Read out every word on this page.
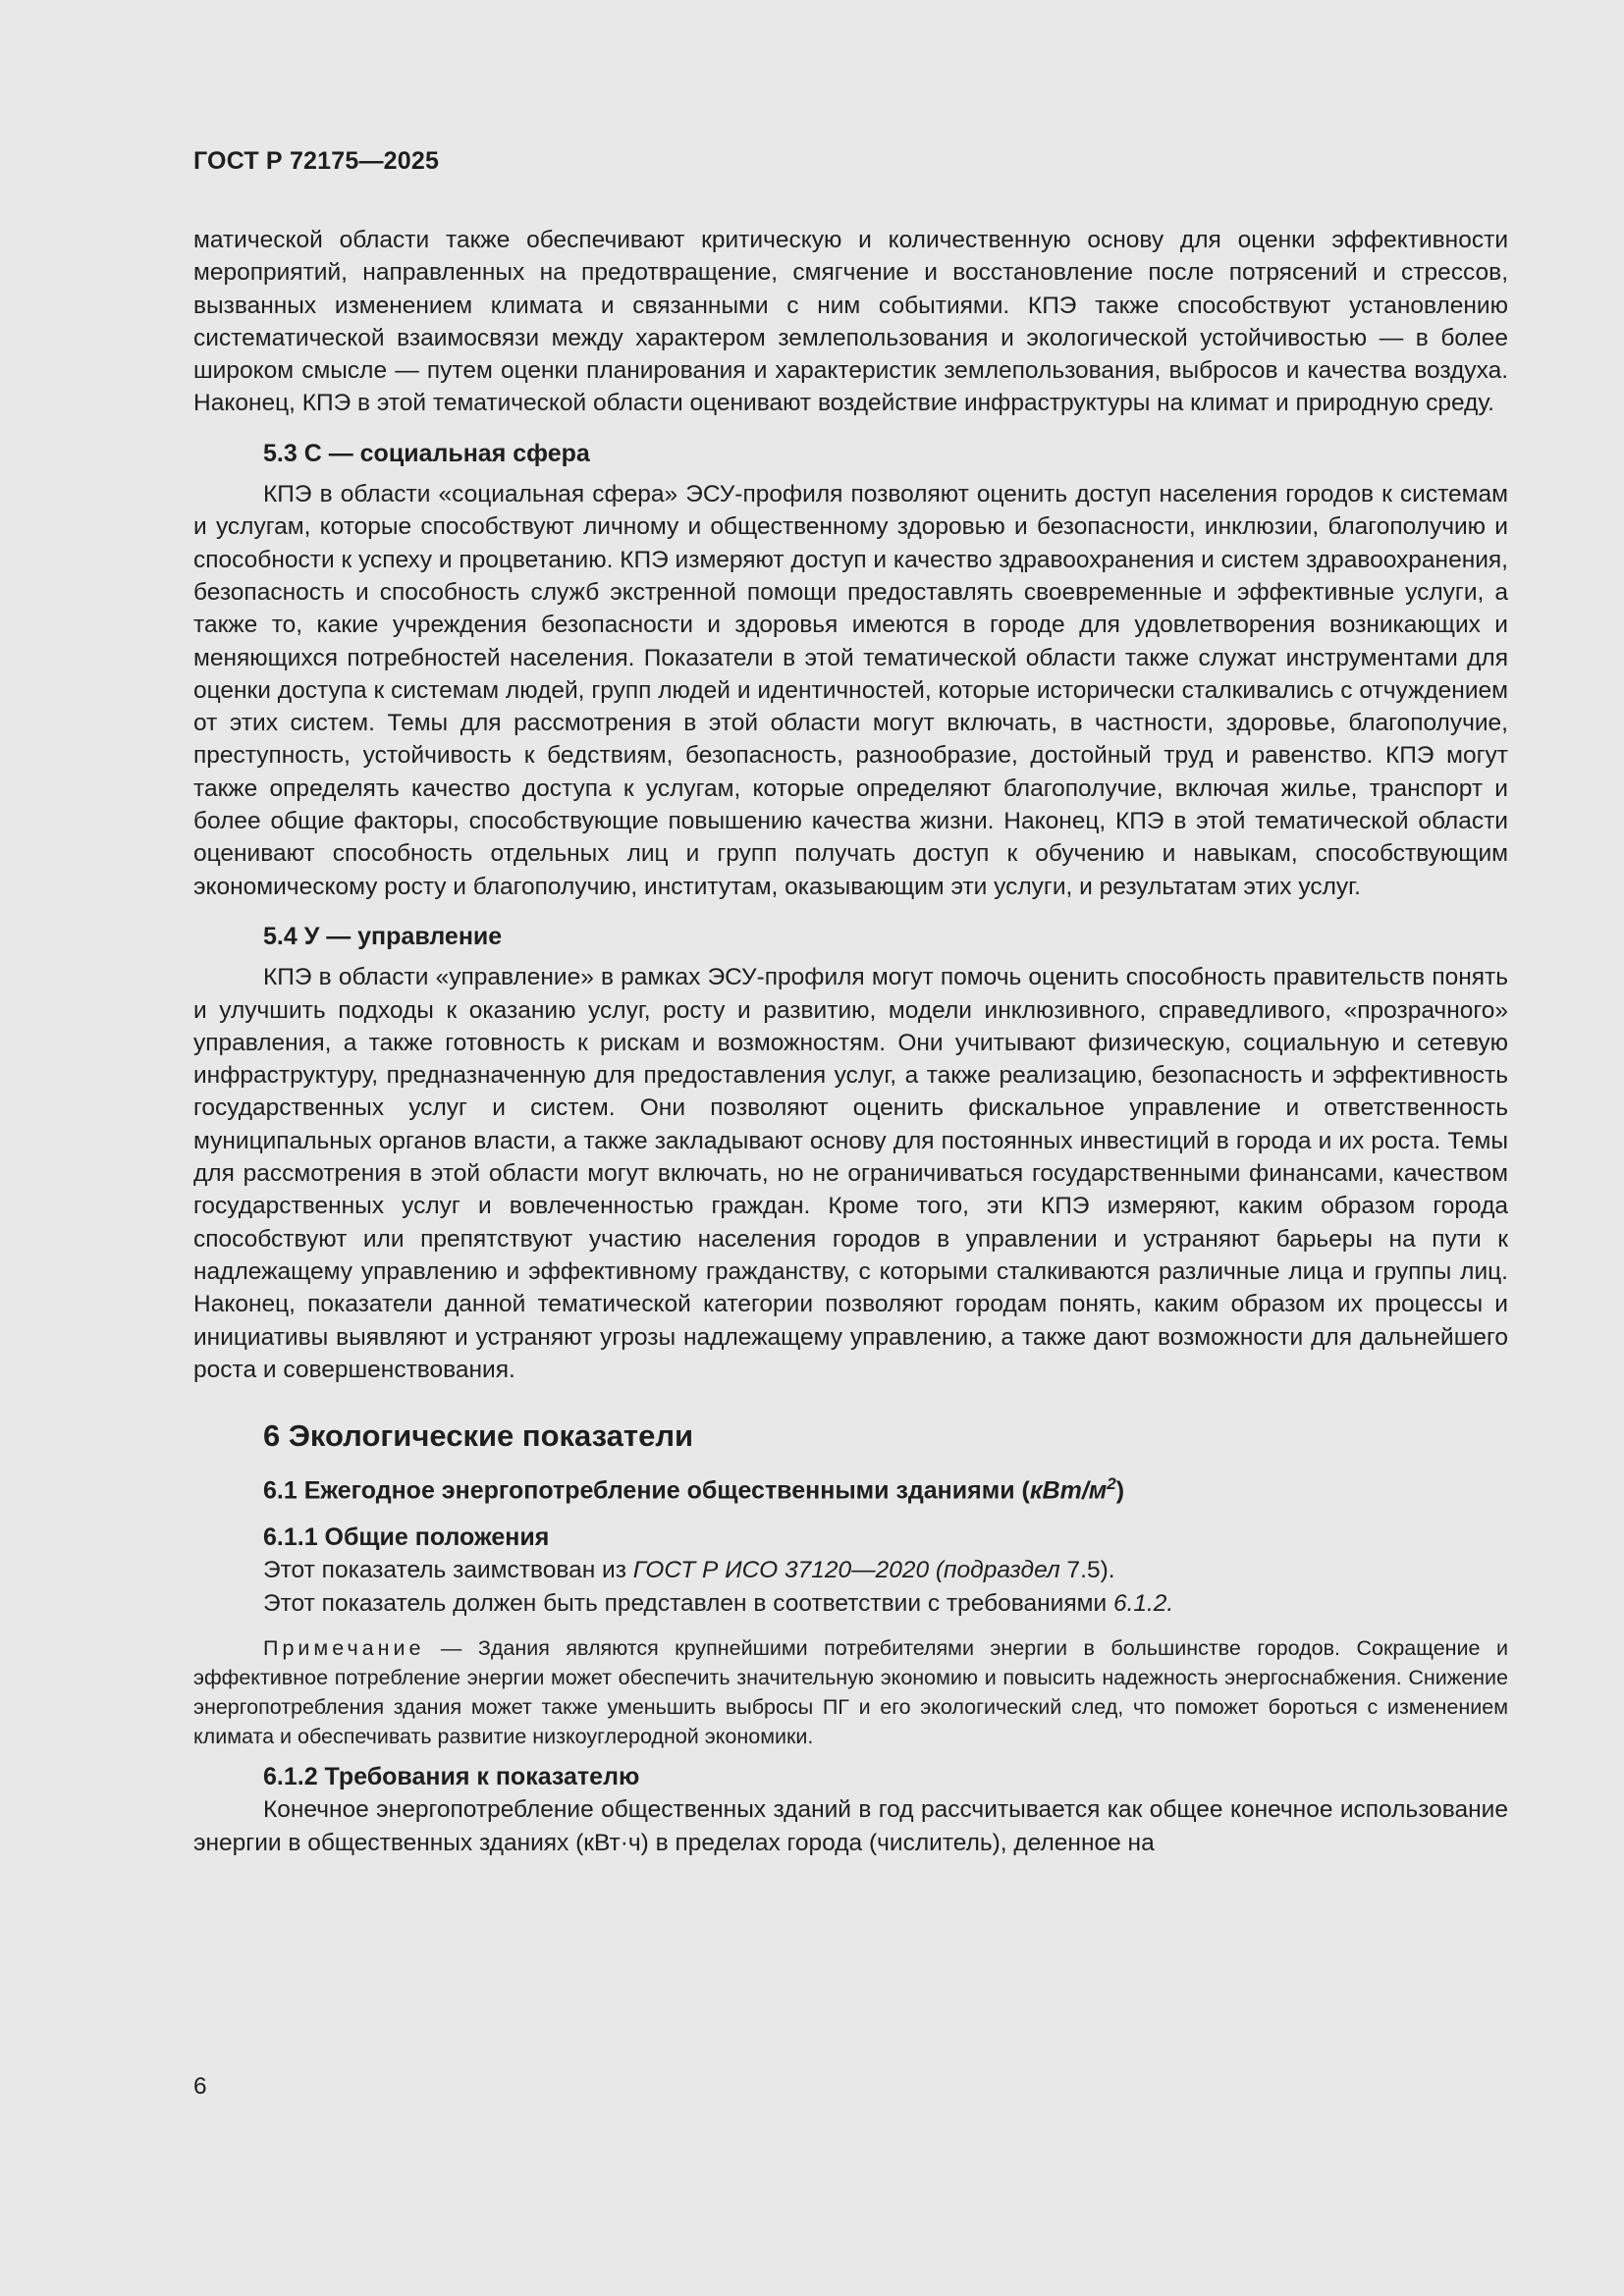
ГОСТ Р 72175—2025

матической области также обеспечивают критическую и количественную основу для оценки эффективности мероприятий, направленных на предотвращение, смягчение и восстановление после потрясений и стрессов, вызванных изменением климата и связанными с ним событиями. КПЭ также способствуют установлению систематической взаимосвязи между характером землепользования и экологической устойчивостью — в более широком смысле — путем оценки планирования и характеристик землепользования, выбросов и качества воздуха. Наконец, КПЭ в этой тематической области оценивают воздействие инфраструктуры на климат и природную среду.

5.3 С — социальная сфера

КПЭ в области «социальная сфера» ЭСУ-профиля позволяют оценить доступ населения городов к системам и услугам, которые способствуют личному и общественному здоровью и безопасности, инклюзии, благополучию и способности к успеху и процветанию. КПЭ измеряют доступ и качество здравоохранения и систем здравоохранения, безопасность и способность служб экстренной помощи предоставлять своевременные и эффективные услуги, а также то, какие учреждения безопасности и здоровья имеются в городе для удовлетворения возникающих и меняющихся потребностей населения. Показатели в этой тематической области также служат инструментами для оценки доступа к системам людей, групп людей и идентичностей, которые исторически сталкивались с отчуждением от этих систем. Темы для рассмотрения в этой области могут включать, в частности, здоровье, благополучие, преступность, устойчивость к бедствиям, безопасность, разнообразие, достойный труд и равенство. КПЭ могут также определять качество доступа к услугам, которые определяют благополучие, включая жилье, транспорт и более общие факторы, способствующие повышению качества жизни. Наконец, КПЭ в этой тематической области оценивают способность отдельных лиц и групп получать доступ к обучению и навыкам, способствующим экономическому росту и благополучию, институтам, оказывающим эти услуги, и результатам этих услуг.

5.4 У — управление

КПЭ в области «управление» в рамках ЭСУ-профиля могут помочь оценить способность правительств понять и улучшить подходы к оказанию услуг, росту и развитию, модели инклюзивного, справедливого, «прозрачного» управления, а также готовность к рискам и возможностям. Они учитывают физическую, социальную и сетевую инфраструктуру, предназначенную для предоставления услуг, а также реализацию, безопасность и эффективность государственных услуг и систем. Они позволяют оценить фискальное управление и ответственность муниципальных органов власти, а также закладывают основу для постоянных инвестиций в города и их роста. Темы для рассмотрения в этой области могут включать, но не ограничиваться государственными финансами, качеством государственных услуг и вовлеченностью граждан. Кроме того, эти КПЭ измеряют, каким образом города способствуют или препятствуют участию населения городов в управлении и устраняют барьеры на пути к надлежащему управлению и эффективному гражданству, с которыми сталкиваются различные лица и группы лиц. Наконец, показатели данной тематической категории позволяют городам понять, каким образом их процессы и инициативы выявляют и устраняют угрозы надлежащему управлению, а также дают возможности для дальнейшего роста и совершенствования.

6 Экологические показатели
6.1 Ежегодное энергопотребление общественными зданиями $(кВт/м^2)$
6.1.1 Общие положения

Этот показатель заимствован из ГОСТ Р ИСО 37120—2020 (подраздел 7.5).

Этот показатель должен быть представлен в соответствии с требованиями 6.1.2.

Примечание — Здания являются крупнейшими потребителями энергии в большинстве городов. Сокращение и эффективное потребление энергии может обеспечить значительную экономию и повысить надежность энергоснабжения. Снижение энергопотребления здания может также уменьшить выбросы ПГ и его экологический след, что поможет бороться с изменением климата и обеспечивать развитие низкоуглеродной экономики.

6.1.2 Требования к показателю

Конечное энергопотребление общественных зданий в год рассчитывается как общее конечное использование энергии в общественных зданиях (кВт·ч) в пределах города (числитель), деленное на

6
